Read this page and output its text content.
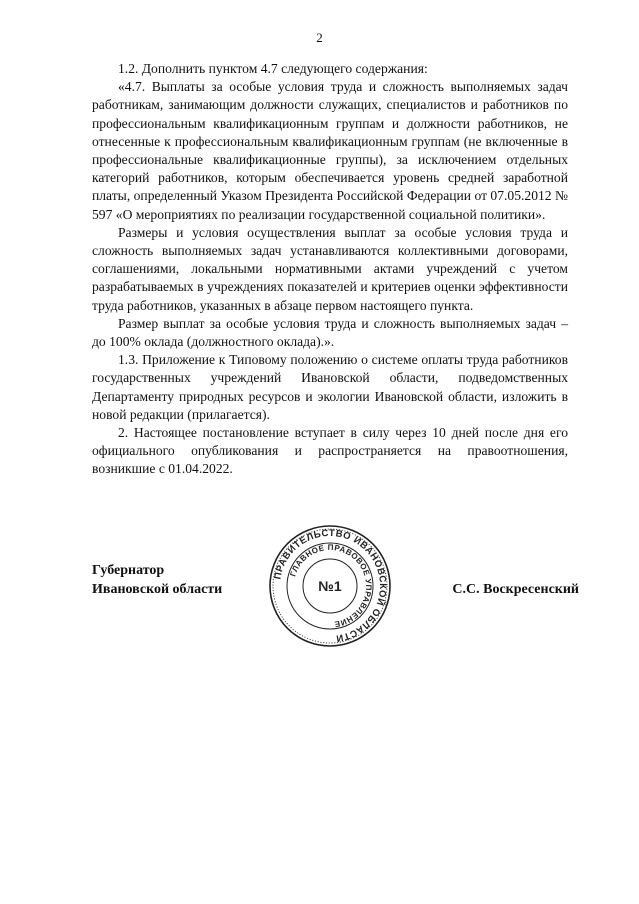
2

1.2. Дополнить пунктом 4.7 следующего содержания:

«4.7. Выплаты за особые условия труда и сложность выполняемых задач работникам, занимающим должности служащих, специалистов и работников по профессиональным квалификационным группам и должности работников, не отнесенные к профессиональным квалификационным группам (не включенные в профессиональные квалификационные группы), за исключением отдельных категорий работников, которым обеспечивается уровень средней заработной платы, определенный Указом Президента Российской Федерации от 07.05.2012 № 597 «О мероприятиях по реализации государственной социальной политики».

Размеры и условия осуществления выплат за особые условия труда и сложность выполняемых задач устанавливаются коллективными договорами, соглашениями, локальными нормативными актами учреждений с учетом разрабатываемых в учреждениях показателей и критериев оценки эффективности труда работников, указанных в абзаце первом настоящего пункта.

Размер выплат за особые условия труда и сложность выполняемых задач – до 100% оклада (должностного оклада).».

1.3. Приложение к Типовому положению о системе оплаты труда работников государственных учреждений Ивановской области, подведомственных Департаменту природных ресурсов и экологии Ивановской области, изложить в новой редакции (прилагается).

2. Настоящее постановление вступает в силу через 10 дней после дня его официального опубликования и распространяется на правоотношения, возникшие с 01.04.2022.

Губернатор
Ивановской области
ПРАВИТЕЛЬСТВО ИВАНОВСКОЙ ОБЛАСТИ
ГЛАВНОЕ ПРАВОВОЕ УПРАВЛЕНИЕ
№1	С.С. Воскресенский
